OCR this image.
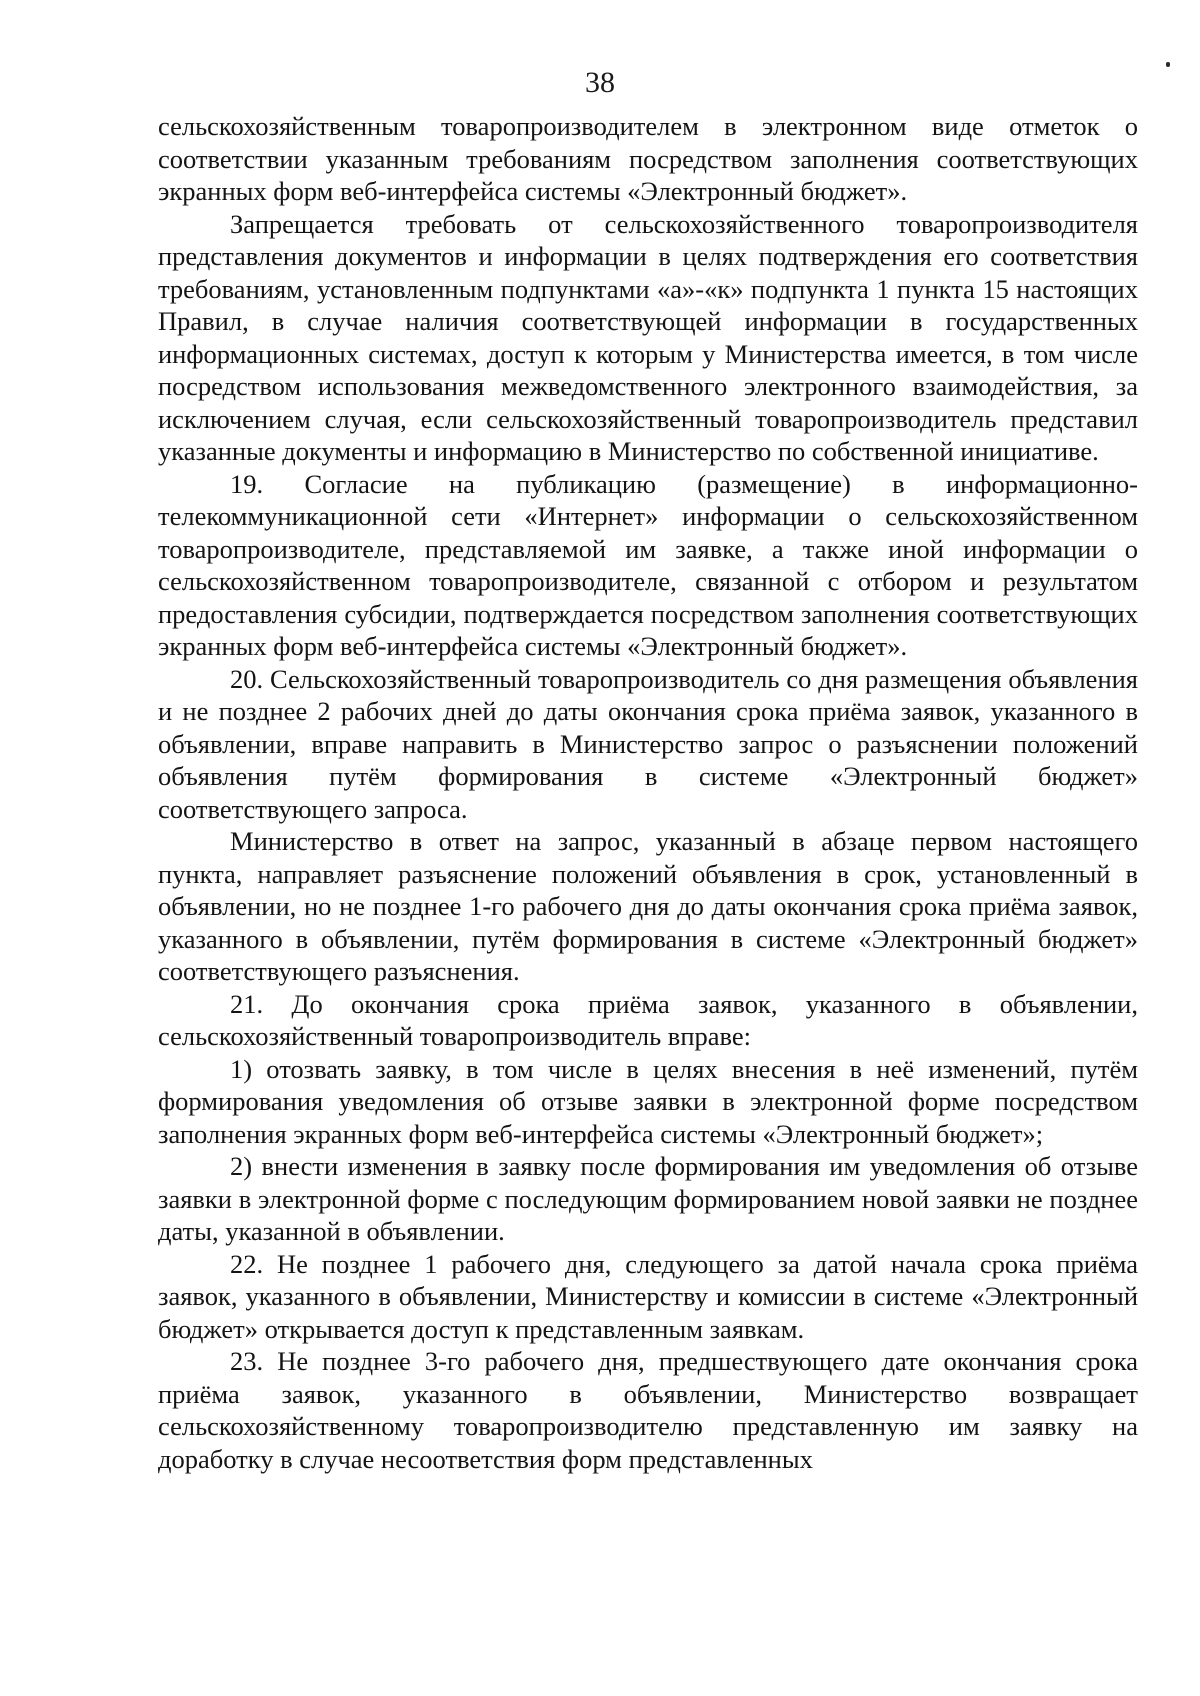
38

сельскохозяйственным товаропроизводителем в электронном виде отметок о соответствии указанным требованиям посредством заполнения соответствующих экранных форм веб-интерфейса системы «Электронный бюджет».

Запрещается требовать от сельскохозяйственного товаропроизводителя представления документов и информации в целях подтверждения его соответствия требованиям, установленным подпунктами «а»-«к» подпункта 1 пункта 15 настоящих Правил, в случае наличия соответствующей информации в государственных информационных системах, доступ к которым у Министерства имеется, в том числе посредством использования межведомственного электронного взаимодействия, за исключением случая, если сельскохозяйственный товаропроизводитель представил указанные документы и информацию в Министерство по собственной инициативе.

19. Согласие на публикацию (размещение) в информационно-телекоммуникационной сети «Интернет» информации о сельскохозяйственном товаропроизводителе, представляемой им заявке, а также иной информации о сельскохозяйственном товаропроизводителе, связанной с отбором и результатом предоставления субсидии, подтверждается посредством заполнения соответствующих экранных форм веб-интерфейса системы «Электронный бюджет».

20. Сельскохозяйственный товаропроизводитель со дня размещения объявления и не позднее 2 рабочих дней до даты окончания срока приёма заявок, указанного в объявлении, вправе направить в Министерство запрос о разъяснении положений объявления путём формирования в системе «Электронный бюджет» соответствующего запроса.

Министерство в ответ на запрос, указанный в абзаце первом настоящего пункта, направляет разъяснение положений объявления в срок, установленный в объявлении, но не позднее 1-го рабочего дня до даты окончания срока приёма заявок, указанного в объявлении, путём формирования в системе «Электронный бюджет» соответствующего разъяснения.

21. До окончания срока приёма заявок, указанного в объявлении, сельскохозяйственный товаропроизводитель вправе:

1) отозвать заявку, в том числе в целях внесения в неё изменений, путём формирования уведомления об отзыве заявки в электронной форме посредством заполнения экранных форм веб-интерфейса системы «Электронный бюджет»;

2) внести изменения в заявку после формирования им уведомления об отзыве заявки в электронной форме с последующим формированием новой заявки не позднее даты, указанной в объявлении.

22. Не позднее 1 рабочего дня, следующего за датой начала срока приёма заявок, указанного в объявлении, Министерству и комиссии в системе «Электронный бюджет» открывается доступ к представленным заявкам.

23. Не позднее 3-го рабочего дня, предшествующего дате окончания срока приёма заявок, указанного в объявлении, Министерство возвращает сельскохозяйственному товаропроизводителю представленную им заявку на доработку в случае несоответствия форм представленных
